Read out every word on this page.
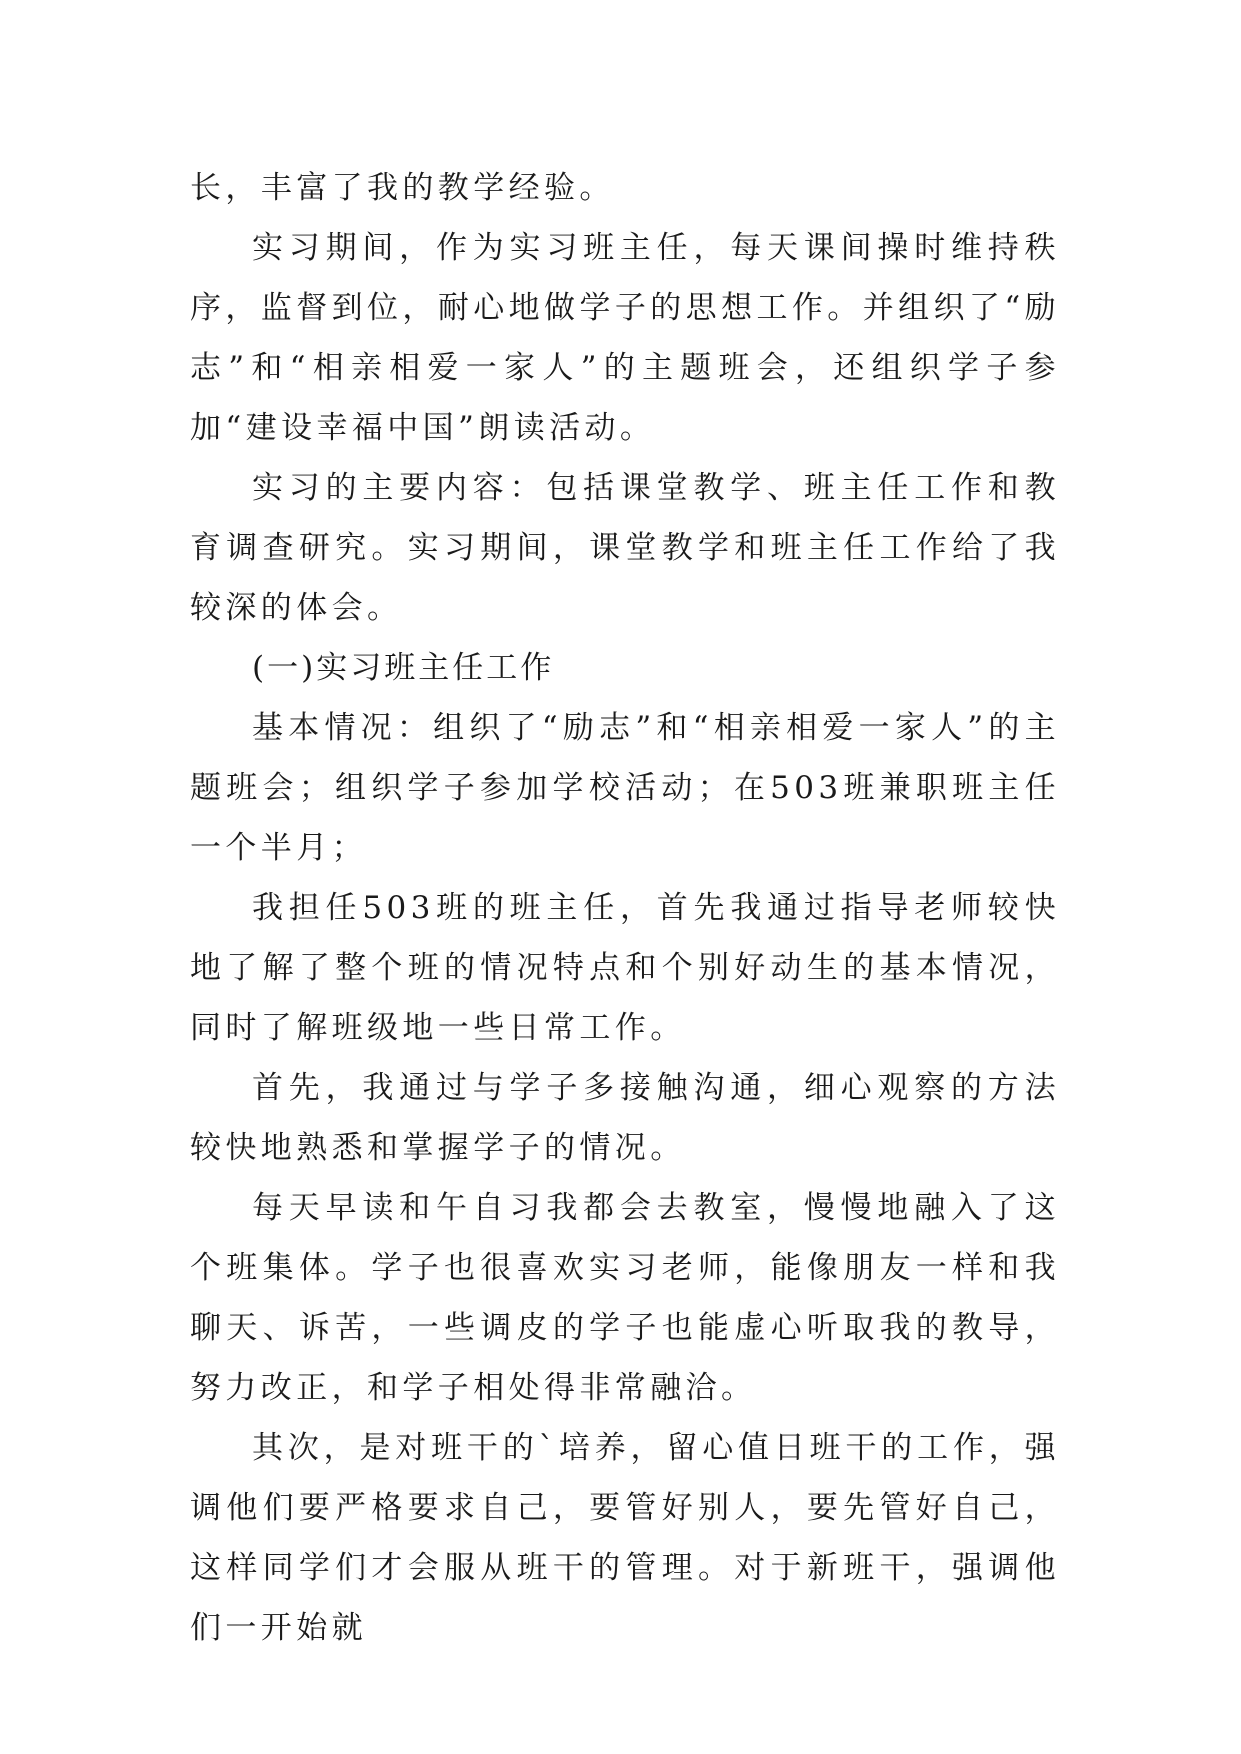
长，丰富了我的教学经验。

实习期间，作为实习班主任，每天课间操时维持秩序，监督到位，耐心地做学子的思想工作。并组织了“励志”和“相亲相爱一家人”的主题班会，还组织学子参加“建设幸福中国”朗读活动。

实习的主要内容：包括课堂教学、班主任工作和教育调查研究。实习期间，课堂教学和班主任工作给了我较深的体会。

(一)实习班主任工作

基本情况：组织了“励志”和“相亲相爱一家人”的主题班会；组织学子参加学校活动；在503班兼职班主任一个半月；

我担任503班的班主任，首先我通过指导老师较快地了解了整个班的情况特点和个别好动生的基本情况，同时了解班级地一些日常工作。

首先，我通过与学子多接触沟通，细心观察的方法较快地熟悉和掌握学子的情况。

每天早读和午自习我都会去教室，慢慢地融入了这个班集体。学子也很喜欢实习老师，能像朋友一样和我聊天、诉苦，一些调皮的学子也能虚心听取我的教导，努力改正，和学子相处得非常融洽。

其次，是对班干的`培养，留心值日班干的工作，强调他们要严格要求自己，要管好别人，要先管好自己，这样同学们才会服从班干的管理。对于新班干，强调他们一开始就
